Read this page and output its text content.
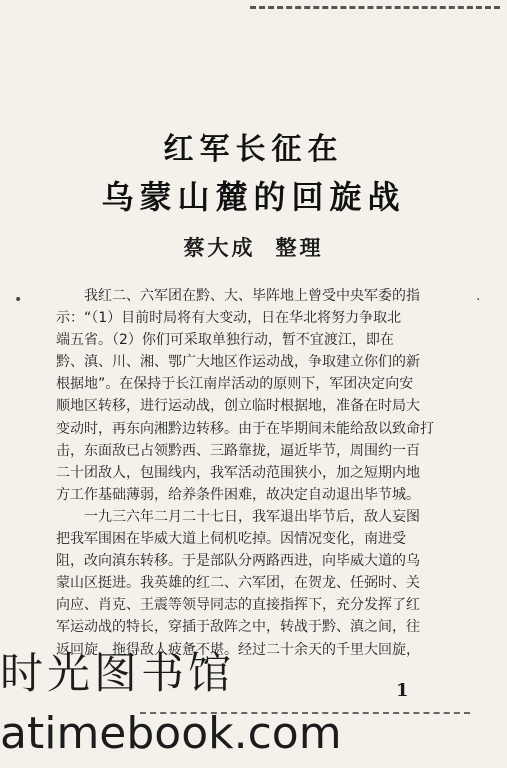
•	·
红军长征在
乌蒙山麓的回旋战
蔡大成 整理
我红二、六军团在黔、大、毕阵地上曾受中央军委的指
示：“（1）目前时局将有大变动，日在华北将努力争取北
端五省。（2）你们可采取单独行动，暂不宜渡江，即在
黔、滇、川、湘、鄂广大地区作运动战，争取建立你们的新
根据地”。在保持于长江南岸活动的原则下，军团决定向安
顺地区转移，进行运动战，创立临时根据地，准备在时局大
变动时，再东向湘黔边转移。由于在毕期间未能给敌以致命打
击，东面敌已占领黔西、三路靠拢，逼近毕节，周围约一百
二十团敌人，包围线内，我军活动范围狭小，加之短期内地
方工作基础薄弱，给养条件困难，故决定自动退出毕节城。
一九三六年二月二十七日，我军退出毕节后，敌人妄图
把我军围困在毕威大道上伺机吃掉。因情况变化，南进受
阻，改向滇东转移。于是部队分两路西进，向毕威大道的乌
蒙山区挺进。我英雄的红二、六军团，在贺龙、任弼时、关
向应、肖克、王震等领导同志的直接指挥下，充分发挥了红
军运动战的特长，穿插于敌阵之中，转战于黔、滇之间，往
返回旋，拖得敌人疲惫不堪。经过二十余天的千里大回旋，
1
时光图书馆
atimebook.com
